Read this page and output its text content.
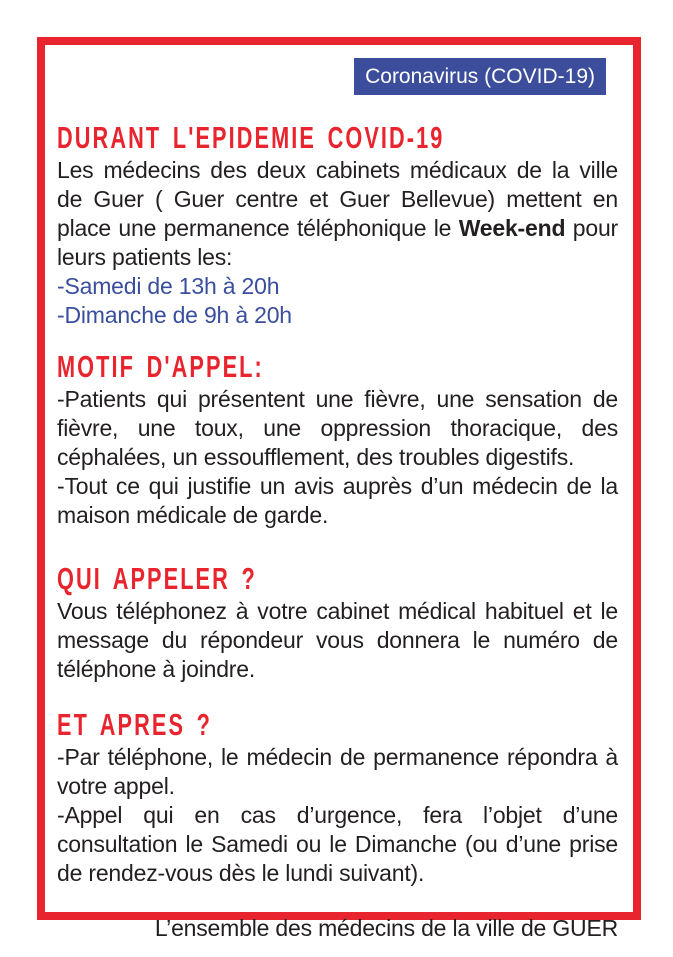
Coronavirus (COVID-19)
DURANT L'EPIDEMIE COVID-19

Les médecins des deux cabinets médicaux de la ville de Guer ( Guer centre et Guer Bellevue) mettent en place une permanence téléphonique le Week-end pour leurs patients les:

-Samedi de 13h à 20h

-Dimanche de 9h à 20h

MOTIF D'APPEL:

-Patients qui présentent une fièvre, une sensation de fièvre, une toux, une oppression thoracique, des céphalées, un essoufflement, des troubles digestifs.

-Tout ce qui justifie un avis auprès d’un médecin de la maison médicale de garde.

QUI APPELER ?

Vous téléphonez à votre cabinet médical habituel et le message du répondeur vous donnera le numéro de téléphone à joindre.

ET APRES ?

-Par téléphone, le médecin de permanence répondra à votre appel.

-Appel qui en cas d’urgence, fera l’objet d’une consultation le Samedi ou le Dimanche (ou d’une prise de rendez-vous dès le lundi suivant).

L’ensemble des médecins de la ville de GUER
